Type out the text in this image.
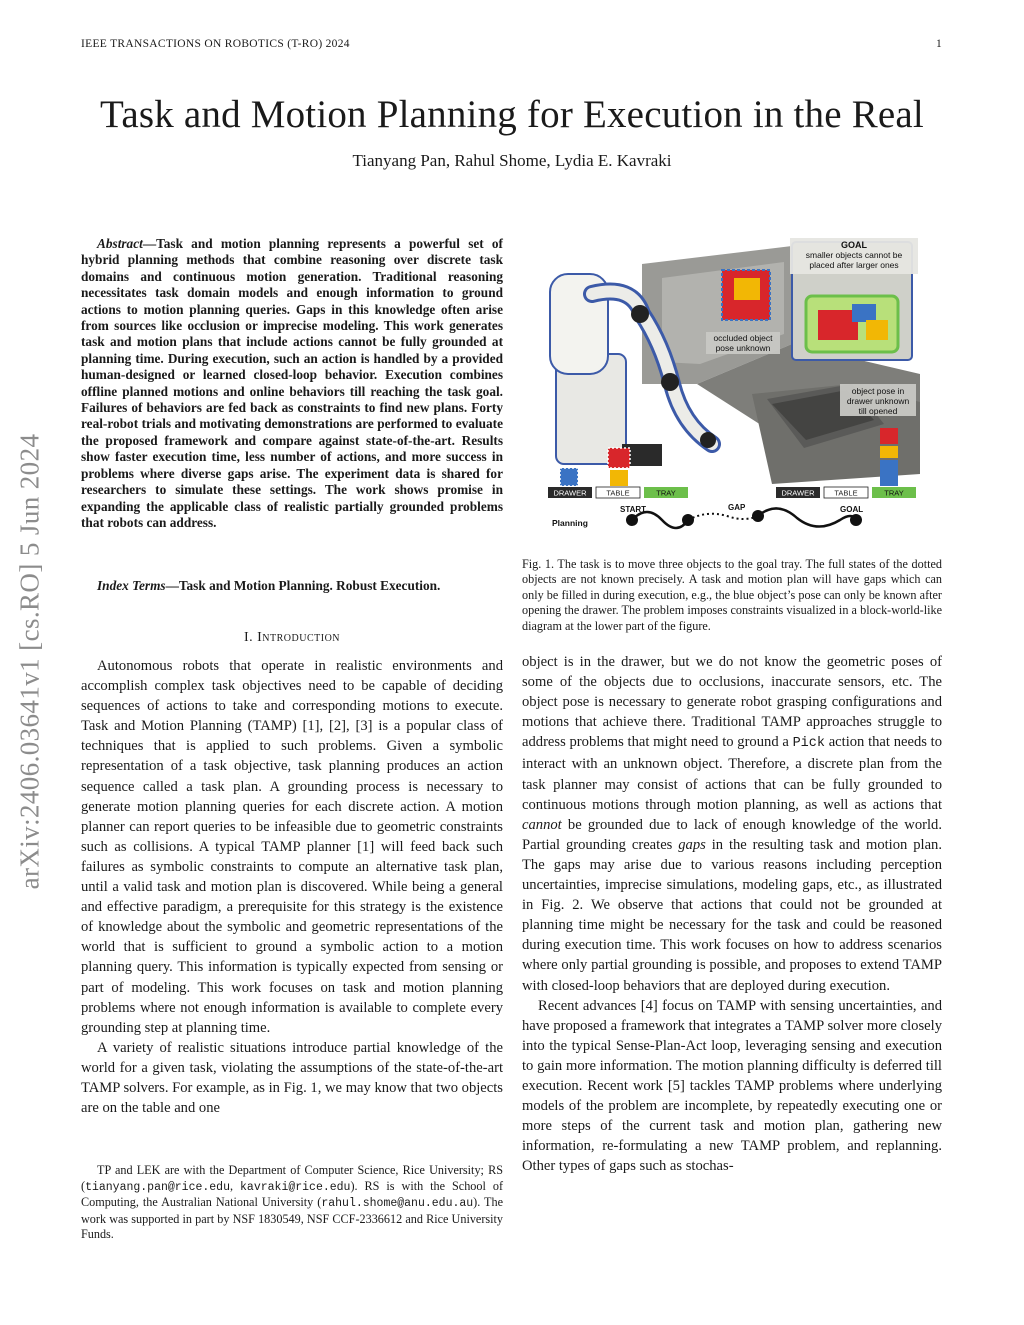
IEEE TRANSACTIONS ON ROBOTICS (T-RO) 2024	1
Task and Motion Planning for Execution in the Real
Tianyang Pan, Rahul Shome, Lydia E. Kavraki
arXiv:2406.03641v1 [cs.RO] 5 Jun 2024
Abstract—Task and motion planning represents a powerful set of hybrid planning methods that combine reasoning over discrete task domains and continuous motion generation. Traditional reasoning necessitates task domain models and enough information to ground actions to motion planning queries. Gaps in this knowledge often arise from sources like occlusion or imprecise modeling. This work generates task and motion plans that include actions cannot be fully grounded at planning time. During execution, such an action is handled by a provided human-designed or learned closed-loop behavior. Execution combines offline planned motions and online behaviors till reaching the task goal. Failures of behaviors are fed back as constraints to find new plans. Forty real-robot trials and motivating demonstrations are performed to evaluate the proposed framework and compare against state-of-the-art. Results show faster execution time, less number of actions, and more success in problems where diverse gaps arise. The experiment data is shared for researchers to simulate these settings. The work shows promise in expanding the applicable class of realistic partially grounded problems that robots can address.
Index Terms—Task and Motion Planning. Robust Execution.
I. Introduction

Autonomous robots that operate in realistic environments and accomplish complex task objectives need to be capable of deciding sequences of actions to take and corresponding motions to execute. Task and Motion Planning (TAMP) [1], [2], [3] is a popular class of techniques that is applied to such problems. Given a symbolic representation of a task objective, task planning produces an action sequence called a task plan. A grounding process is necessary to generate motion planning queries for each discrete action. A motion planner can report queries to be infeasible due to geometric constraints such as collisions. A typical TAMP planner [1] will feed back such failures as symbolic constraints to compute an alternative task plan, until a valid task and motion plan is discovered. While being a general and effective paradigm, a prerequisite for this strategy is the existence of knowledge about the symbolic and geometric representations of the world that is sufficient to ground a symbolic action to a motion planning query. This information is typically expected from sensing or part of modeling. This work focuses on task and motion planning problems where not enough information is available to complete every grounding step at planning time.

A variety of realistic situations introduce partial knowledge of the world for a given task, violating the assumptions of the state-of-the-art TAMP solvers. For example, as in Fig. 1, we may know that two objects are on the table and one

TP and LEK are with the Department of Computer Science, Rice University; RS (tianyang.pan@rice.edu, kavraki@rice.edu). RS is with the School of Computing, the Australian National University (rahul.shome@anu.edu.au). The work was supported in part by NSF 1830549, NSF CCF-2336612 and Rice University Funds.
GOAL
smaller objects cannot be
placed after larger ones
occluded object
pose unknown
object pose in
drawer unknown
till opened
DRAWER	TABLE	TRAY	DRAWER	TABLE	TRAY
Planning
START	GAP	GOAL
Fig. 1. The task is to move three objects to the goal tray. The full states of the dotted objects are not known precisely. A task and motion plan will have gaps which can only be filled in during execution, e.g., the blue object’s pose can only be known after opening the drawer. The problem imposes constraints visualized in a block-world-like diagram at the lower part of the figure.

object is in the drawer, but we do not know the geometric poses of some of the objects due to occlusions, inaccurate sensors, etc. The object pose is necessary to generate robot grasping configurations and motions that achieve there. Traditional TAMP approaches struggle to address problems that might need to ground a Pick action that needs to interact with an unknown object. Therefore, a discrete plan from the task planner may consist of actions that can be fully grounded to continuous motions through motion planning, as well as actions that cannot be grounded due to lack of enough knowledge of the world. Partial grounding creates gaps in the resulting task and motion plan. The gaps may arise due to various reasons including perception uncertainties, imprecise simulations, modeling gaps, etc., as illustrated in Fig. 2. We observe that actions that could not be grounded at planning time might be necessary for the task and could be reasoned during execution time. This work focuses on how to address scenarios where only partial grounding is possible, and proposes to extend TAMP with closed-loop behaviors that are deployed during execution.

Recent advances [4] focus on TAMP with sensing uncertainties, and have proposed a framework that integrates a TAMP solver more closely into the typical Sense-Plan-Act loop, leveraging sensing and execution to gain more information. The motion planning difficulty is deferred till execution. Recent work [5] tackles TAMP problems where underlying models of the problem are incomplete, by repeatedly executing one or more steps of the current task and motion plan, gathering new information, re-formulating a new TAMP problem, and replanning. Other types of gaps such as stochas-
